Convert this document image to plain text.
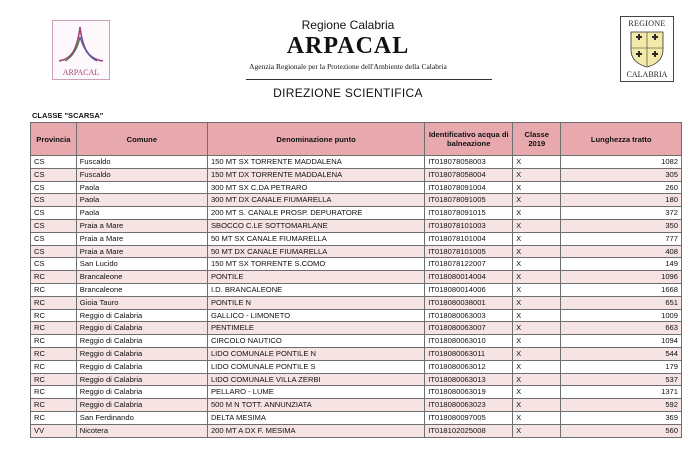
ARPACAL
Regione Calabria
ARPACAL
Agenzia Regionale per la Protezione dell'Ambiente della Calabria
DIREZIONE SCIENTIFICA
REGIONE
CALABRIA
CLASSE "SCARSA"
Provincia	Comune	Denominazione punto	Identificativo acqua di balneazione	Classe 2019	Lunghezza tratto
CS	Fuscaldo	150 MT SX TORRENTE MADDALENA	IT018078058003	X	1082
CS	Fuscaldo	150 MT DX TORRENTE MADDALENA	IT018078058004	X	305
CS	Paola	300 MT SX C.DA PETRARO	IT018078091004	X	260
CS	Paola	300 MT DX CANALE FIUMARELLA	IT018078091005	X	180
CS	Paola	200 MT S. CANALE PROSP. DEPURATORE	IT018078091015	X	372
CS	Praia a Mare	SBOCCO C.LE SOTTOMARLANE	IT018078101003	X	350
CS	Praia a Mare	50 MT SX CANALE FIUMARELLA	IT018078101004	X	777
CS	Praia a Mare	50 MT DX CANALE FIUMARELLA	IT018078101005	X	408
CS	San Lucido	150 MT SX TORRENTE S.COMO	IT018078122007	X	149
RC	Brancaleone	PONTILE	IT018080014004	X	1096
RC	Brancaleone	I.D. BRANCALEONE	IT018080014006	X	1668
RC	Gioia Tauro	PONTILE N	IT018080038001	X	651
RC	Reggio di Calabria	GALLICO - LIMONETO	IT018080063003	X	1009
RC	Reggio di Calabria	PENTIMELE	IT018080063007	X	663
RC	Reggio di Calabria	CIRCOLO NAUTICO	IT018080063010	X	1094
RC	Reggio di Calabria	LIDO COMUNALE PONTILE N	IT018080063011	X	544
RC	Reggio di Calabria	LIDO COMUNALE PONTILE S	IT018080063012	X	179
RC	Reggio di Calabria	LIDO COMUNALE VILLA ZERBI	IT018080063013	X	537
RC	Reggio di Calabria	PELLARO - LUME	IT018080063019	X	1371
RC	Reggio di Calabria	500 M N TOTT. ANNUNZIATA	IT018080063023	X	592
RC	San Ferdinando	DELTA MESIMA	IT018080097005	X	369
VV	Nicotera	200 MT A DX F. MESIMA	IT018102025008	X	560
